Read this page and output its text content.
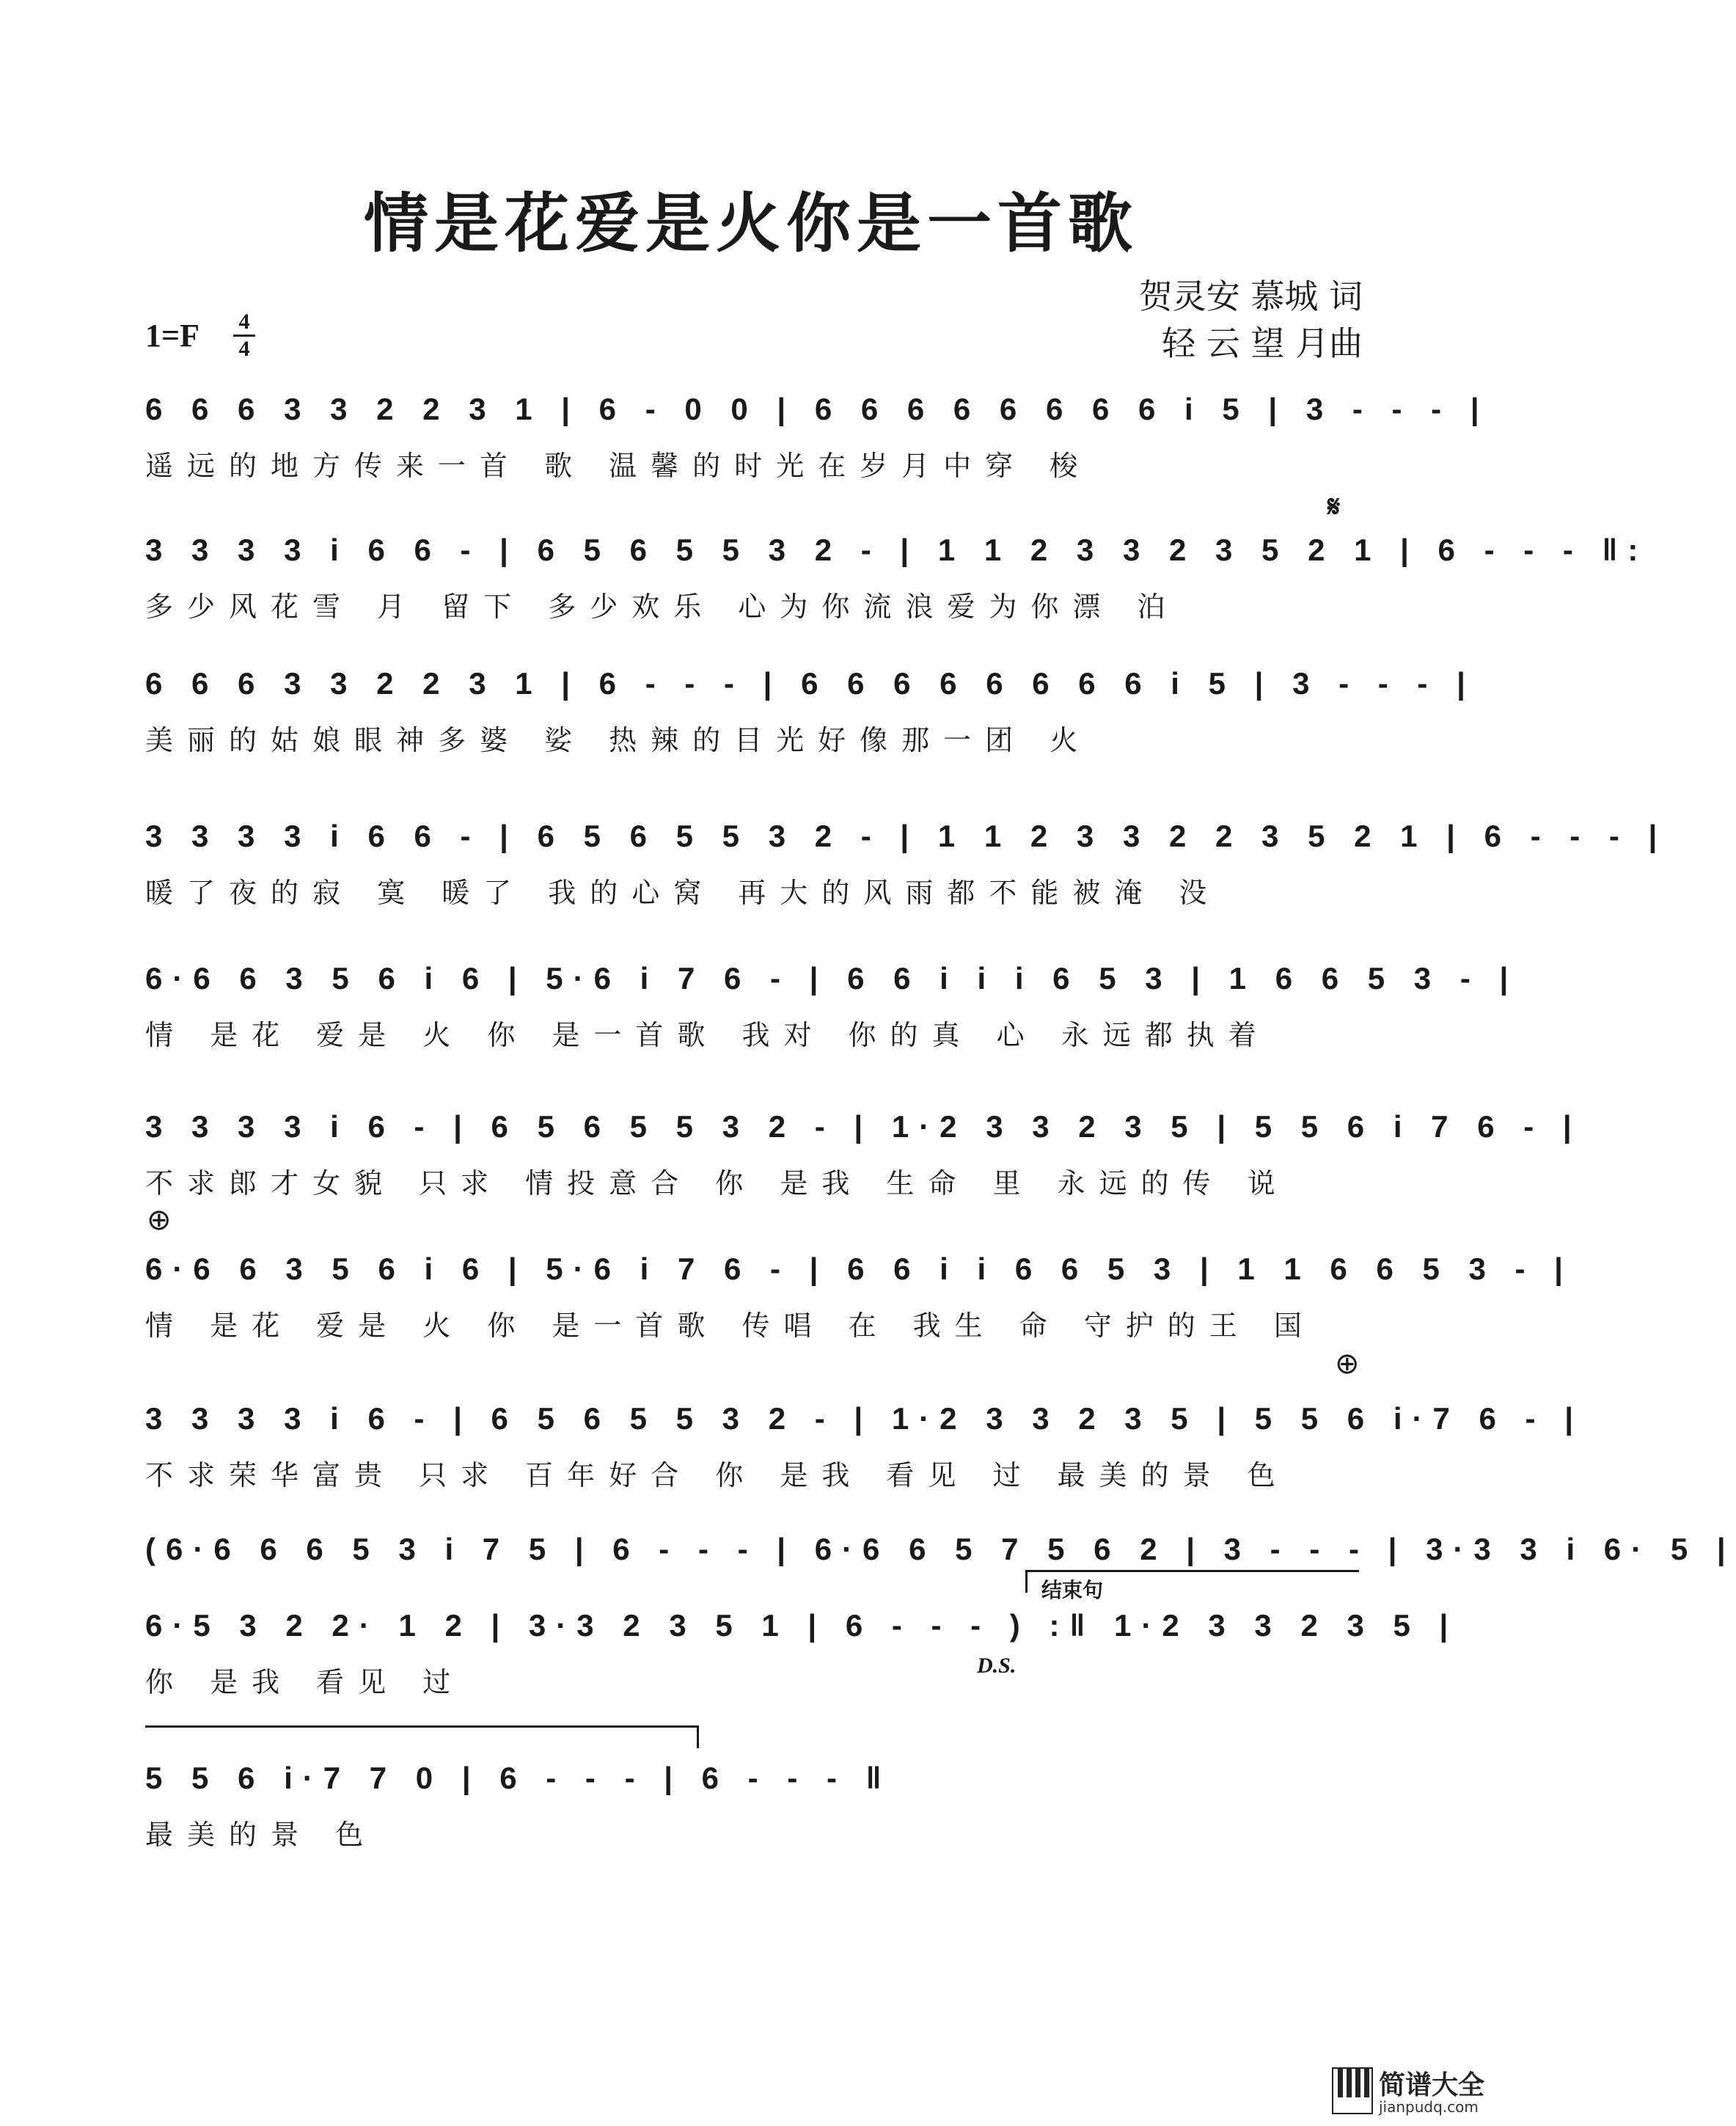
情是花爱是火你是一首歌
贺灵安 慕城 词
轻 云 望 月曲
1=F 4
4
𝄋
⊕
⊕
6 6 6 3 3 2 2 3 1 | 6 - 0 0 | 6 6 6 6 6 6 6 6 i 5 | 3 - - - |
遥远的地方传来一首 歌 温馨的时光在岁月中穿 梭
3 3 3 3 i 6 6 - | 6 5 6 5 5 3 2 - | 1 1 2 3 3 2 3 5 2 1 | 6 - - - ‖:
多少风花雪 月 留下 多少欢乐 心为你流浪爱为你漂 泊
6 6 6 3 3 2 2 3 1 | 6 - - - | 6 6 6 6 6 6 6 6 i 5 | 3 - - - |
美丽的姑娘眼神多婆 娑 热辣的目光好像那一团 火
3 3 3 3 i 6 6 - | 6 5 6 5 5 3 2 - | 1 1 2 3 3 2 2 3 5 2 1 | 6 - - - |
暖了夜的寂 寞 暖了 我的心窝 再大的风雨都不能被淹 没
6·6 6 3 5 6 i 6 | 5·6 i 7 6 - | 6 6 i i i 6 5 3 | 1 6 6 5 3 - |
情 是花 爱是 火 你 是一首歌 我对 你的真 心 永远都执着
3 3 3 3 i 6 - | 6 5 6 5 5 3 2 - | 1·2 3 3 2 3 5 | 5 5 6 i 7 6 - |
不求郎才女貌 只求 情投意合 你 是我 生命 里 永远的传 说
6·6 6 3 5 6 i 6 | 5·6 i 7 6 - | 6 6 i i 6 6 5 3 | 1 1 6 6 5 3 - |
情 是花 爱是 火 你 是一首歌 传唱 在 我生 命 守护的王 国
3 3 3 3 i 6 - | 6 5 6 5 5 3 2 - | 1·2 3 3 2 3 5 | 5 5 6 i·7 6 - |
不求荣华富贵 只求 百年好合 你 是我 看见 过 最美的景 色
(6·6 6 6 5 3 i 7 5 | 6 - - - | 6·6 6 5 7 5 6 2 | 3 - - - | 3·3 3 i 6· 5 |
6·5 3 2 2· 1 2 | 3·3 2 3 5 1 | 6 - - - ) :‖ 1·2 3 3 2 3 5 |
你 是我 看见 过
5 5 6 i·7 7 0 | 6 - - - | 6 - - - ‖
最美的景 色
结束句
D.S.
简谱大全
jianpudq.com
